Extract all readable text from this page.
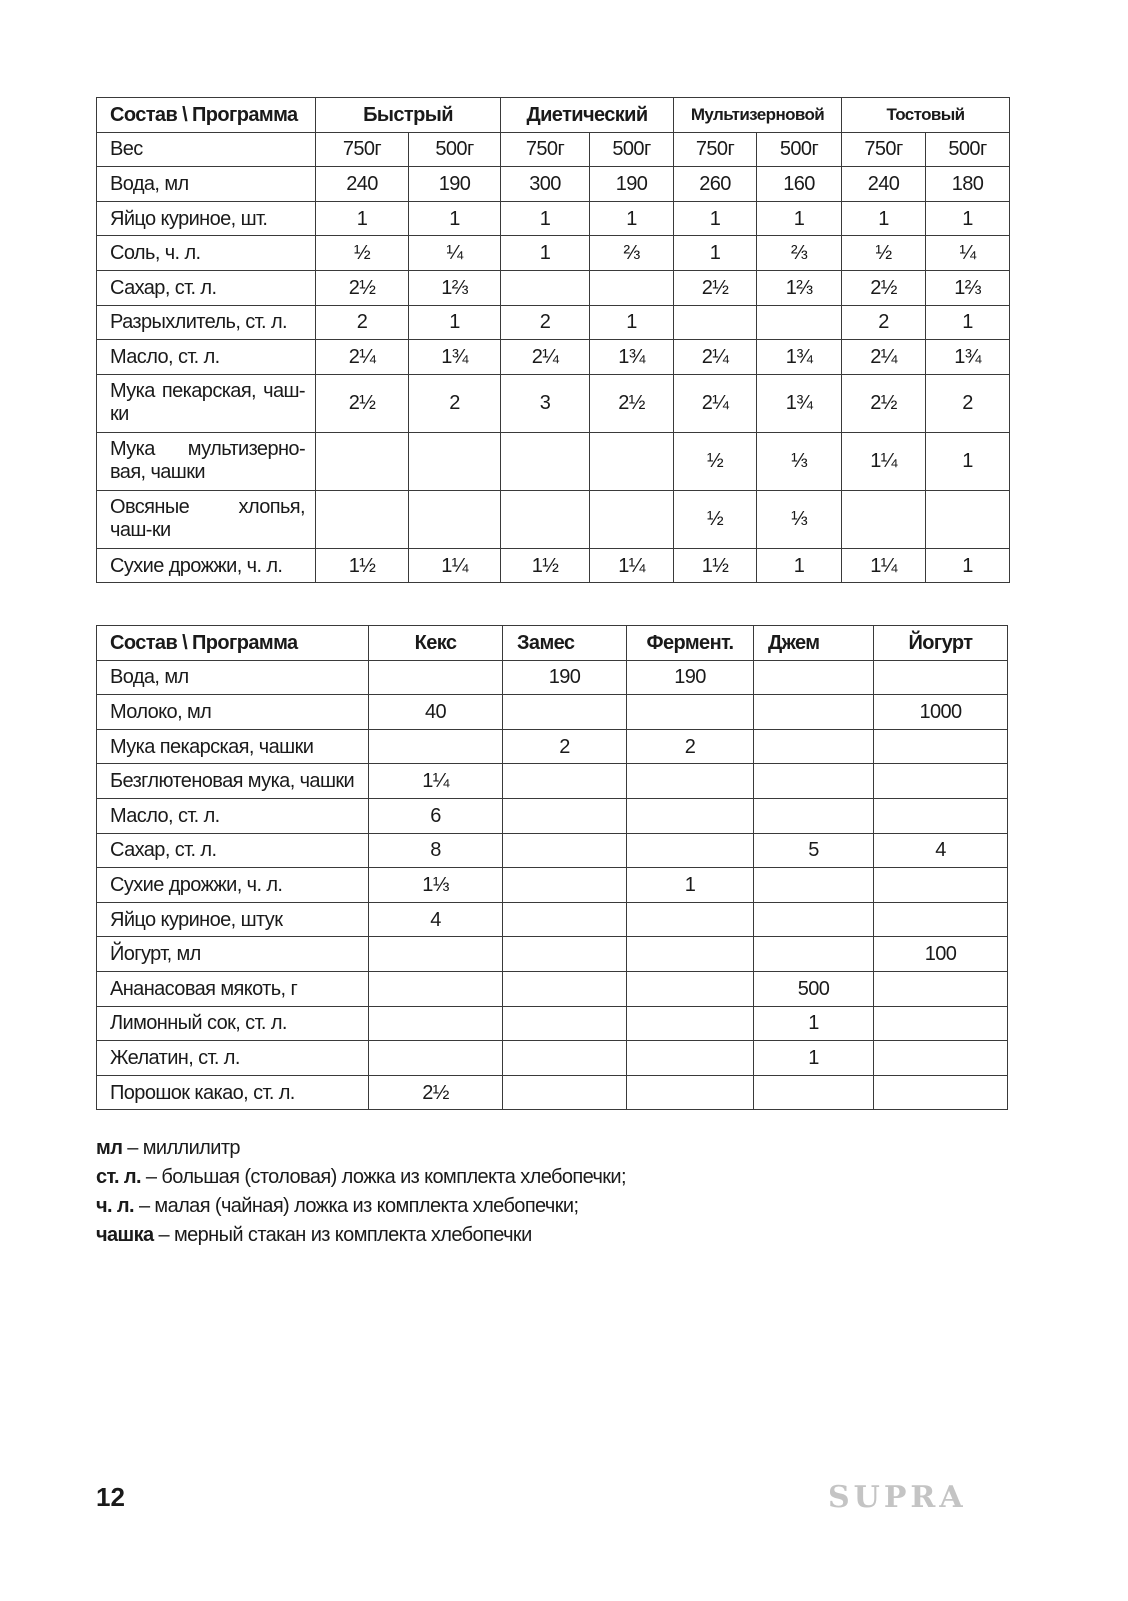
Состав \ Программа	Быстрый		Диетический		Мультизерновой		Тостовый	
Вес	750г	500г	750г	500г	750г	500г	750г	500г
Вода, мл	240	190	300	190	260	160	240	180
Яйцо куриное, шт.	1	1	1	1	1	1	1	1
Соль, ч. л.	½	¼	1	⅔	1	⅔	½	¼
Сахар, ст. л.	2½	1⅔			2½	1⅔	2½	1⅔
Разрыхлитель, ст. л.	2	1	2	1			2	1
Масло, ст. л.	2¼	1¾	2¼	1¾	2¼	1¾	2¼	1¾
Мука пекарская, чаш-ки	2½	2	3	2½	2¼	1¾	2½	2
Мука мультизерно-вая, чашки					½	⅓	1¼	1
Овсяные хлопья, чаш-ки					½	⅓		
Сухие дрожжи, ч. л.	1½	1¼	1½	1¼	1½	1	1¼	1
Состав \ Программа	Кекс	Замес	Фермент.	Джем	Йогурт
Вода, мл		190	190		
Молоко, мл	40				1000
Мука пекарская, чашки		2	2		
Безглютеновая мука, чашки	1¼				
Масло, ст. л.	6				
Сахар, ст. л.	8			5	4
Сухие дрожжи, ч. л.	1⅓		1		
Яйцо куриное, штук	4				
Йогурт, мл					100
Ананасовая мякоть, г				500	
Лимонный сок, ст. л.				1	
Желатин, ст. л.				1	
Порошок какао, ст. л.	2½				
мл – миллилитр
ст. л. – большая (столовая) ложка из комплекта хлебопечки;
ч. л. – малая (чайная) ложка из комплекта хлебопечки;
чашка – мерный стакан из комплекта хлебопечки
12	SUPRA
